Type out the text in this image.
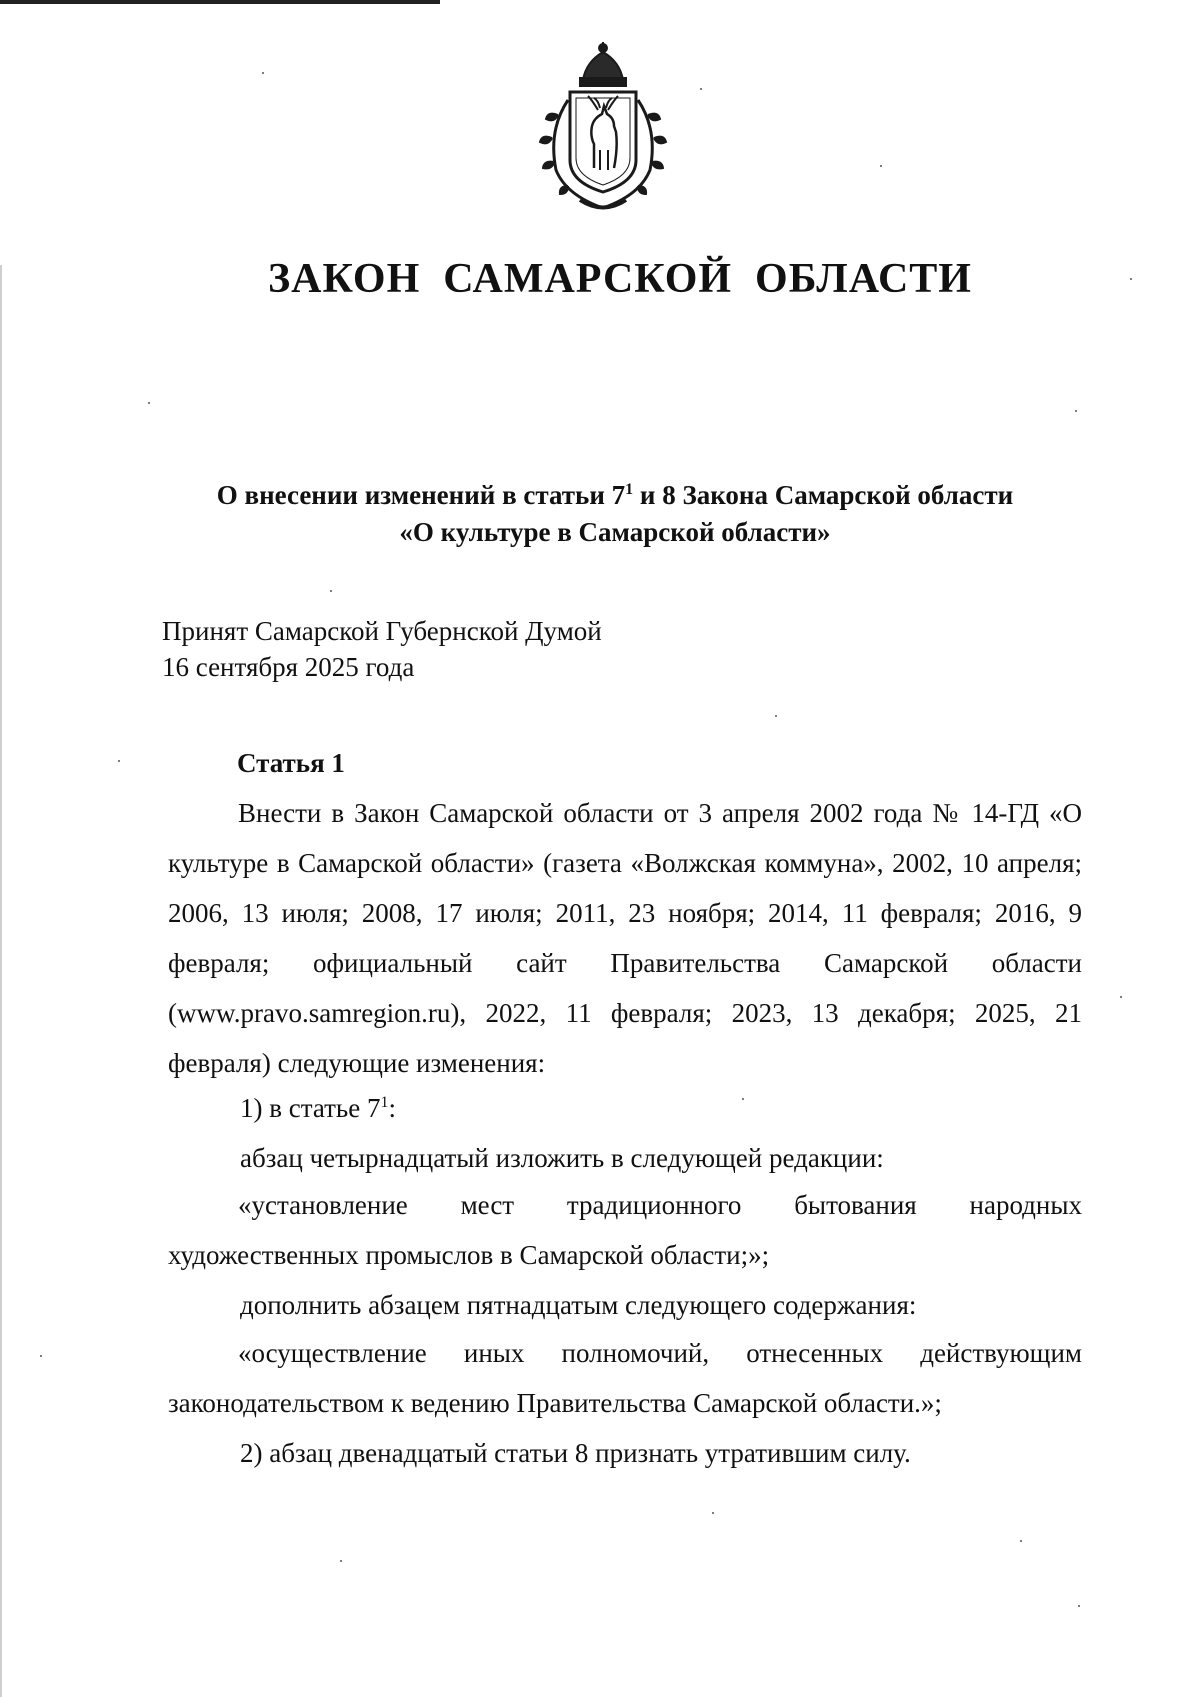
ЗАКОН  САМАРСКОЙ  ОБЛАСТИ
О внесении изменений в статьи $7^1$ и 8 Закона Самарской области
«О культуре в Самарской области»
Принят Самарской Губернской Думой
16 сентября 2025 года
Статья 1
Внести в Закон Самарской области от 3 апреля 2002 года № 14-ГД «О культуре в Самарской области» (газета «Волжская коммуна», 2002, 10 апреля; 2006, 13 июля; 2008, 17 июля; 2011, 23 ноября; 2014, 11 февраля; 2016, 9 февраля; официальный сайт Правительства Самарской области (www.pravo.samregion.ru), 2022, 11 февраля; 2023, 13 декабря; 2025, 21 февраля) следующие изменения:
1) в статье $7^1$:
абзац четырнадцатый изложить в следующей редакции:
«установление мест традиционного бытования народных художественных промыслов в Самарской области;»;
дополнить абзацем пятнадцатым следующего содержания:
«осуществление иных полномочий, отнесенных действующим законодательством к ведению Правительства Самарской области.»;
2) абзац двенадцатый статьи 8 признать утратившим силу.
